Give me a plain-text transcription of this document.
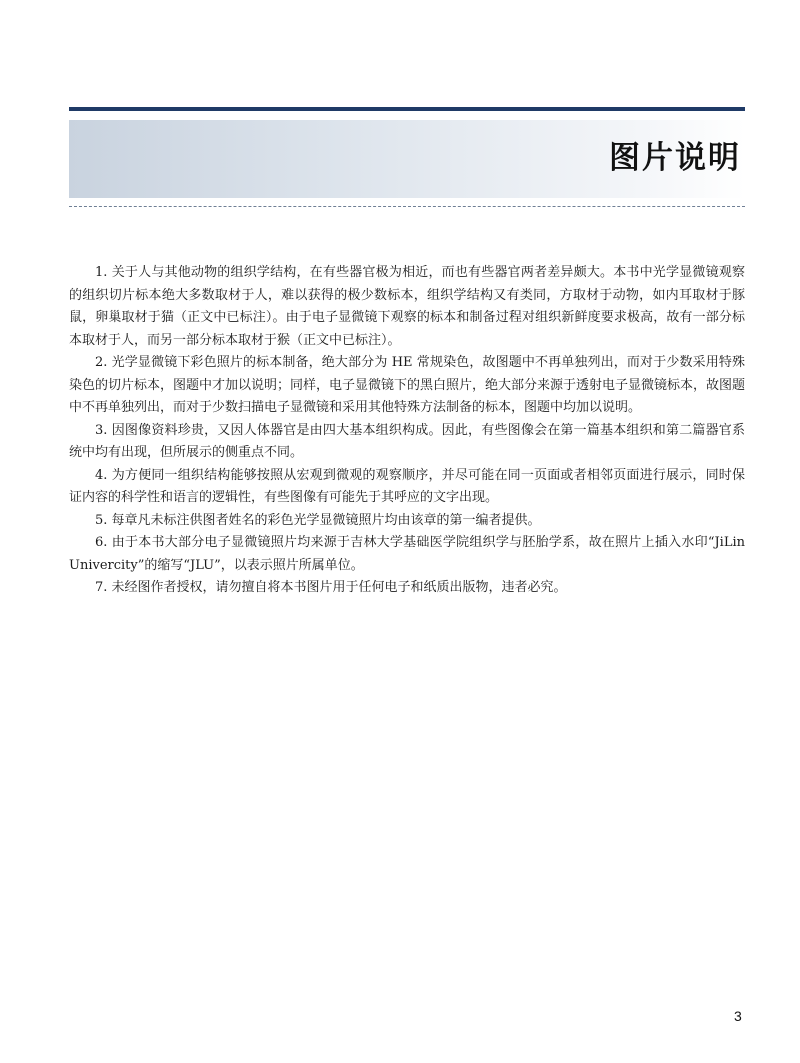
图片说明
1. 关于人与其他动物的组织学结构，在有些器官极为相近，而也有些器官两者差异颇大。本书中光学显微镜观察的组织切片标本绝大多数取材于人，难以获得的极少数标本，组织学结构又有类同，方取材于动物，如内耳取材于豚鼠，卵巢取材于猫（正文中已标注）。由于电子显微镜下观察的标本和制备过程对组织新鲜度要求极高，故有一部分标本取材于人，而另一部分标本取材于猴（正文中已标注）。
2. 光学显微镜下彩色照片的标本制备，绝大部分为 HE 常规染色，故图题中不再单独列出，而对于少数采用特殊染色的切片标本，图题中才加以说明；同样，电子显微镜下的黑白照片，绝大部分来源于透射电子显微镜标本，故图题中不再单独列出，而对于少数扫描电子显微镜和采用其他特殊方法制备的标本，图题中均加以说明。
3. 因图像资料珍贵，又因人体器官是由四大基本组织构成。因此，有些图像会在第一篇基本组织和第二篇器官系统中均有出现，但所展示的侧重点不同。
4. 为方便同一组织结构能够按照从宏观到微观的观察顺序，并尽可能在同一页面或者相邻页面进行展示，同时保证内容的科学性和语言的逻辑性，有些图像有可能先于其呼应的文字出现。
5. 每章凡未标注供图者姓名的彩色光学显微镜照片均由该章的第一编者提供。
6. 由于本书大部分电子显微镜照片均来源于吉林大学基础医学院组织学与胚胎学系，故在照片上插入水印“JiLin Univercity”的缩写“JLU”，以表示照片所属单位。
7. 未经图作者授权，请勿擅自将本书图片用于任何电子和纸质出版物，违者必究。
3
